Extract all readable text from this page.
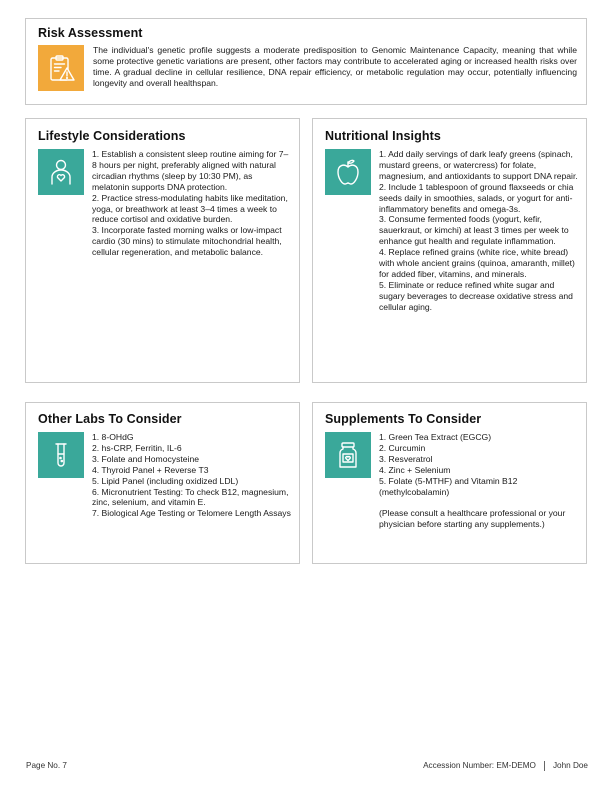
Risk Assessment
The individual's genetic profile suggests a moderate predisposition to Genomic Maintenance Capacity, meaning that while some protective genetic variations are present, other factors may contribute to accelerated aging or increased health risks over time. A gradual decline in cellular resilience, DNA repair efficiency, or metabolic regulation may occur, potentially influencing longevity and overall healthspan.
Lifestyle Considerations
1. Establish a consistent sleep routine aiming for 7–8 hours per night, preferably aligned with natural circadian rhythms (sleep by 10:30 PM), as melatonin supports DNA protection.
2. Practice stress-modulating habits like meditation, yoga, or breathwork at least 3–4 times a week to reduce cortisol and oxidative burden.
3. Incorporate fasted morning walks or low-impact cardio (30 mins) to stimulate mitochondrial health, cellular regeneration, and metabolic balance.
Nutritional Insights
1. Add daily servings of dark leafy greens (spinach, mustard greens, or watercress) for folate, magnesium, and antioxidants to support DNA repair.
2. Include 1 tablespoon of ground flaxseeds or chia seeds daily in smoothies, salads, or yogurt for anti-inflammatory benefits and omega-3s.
3. Consume fermented foods (yogurt, kefir, sauerkraut, or kimchi) at least 3 times per week to enhance gut health and regulate inflammation.
4. Replace refined grains (white rice, white bread) with whole ancient grains (quinoa, amaranth, millet) for added fiber, vitamins, and minerals.
5. Eliminate or reduce refined white sugar and sugary beverages to decrease oxidative stress and cellular aging.
Other Labs To Consider
1. 8-OHdG
2. hs-CRP, Ferritin, IL-6
3. Folate and Homocysteine
4. Thyroid Panel + Reverse T3
5. Lipid Panel (including oxidized LDL)
6. Micronutrient Testing: To check B12, magnesium, zinc, selenium, and vitamin E.
7. Biological Age Testing or Telomere Length Assays
Supplements To Consider
1. Green Tea Extract (EGCG)
2. Curcumin
3. Resveratrol
4. Zinc + Selenium
5. Folate (5-MTHF) and Vitamin B12 (methylcobalamin)
(Please consult a healthcare professional or your physician before starting any supplements.)
Page No. 7	Accession Number: EM-DEMO John Doe
